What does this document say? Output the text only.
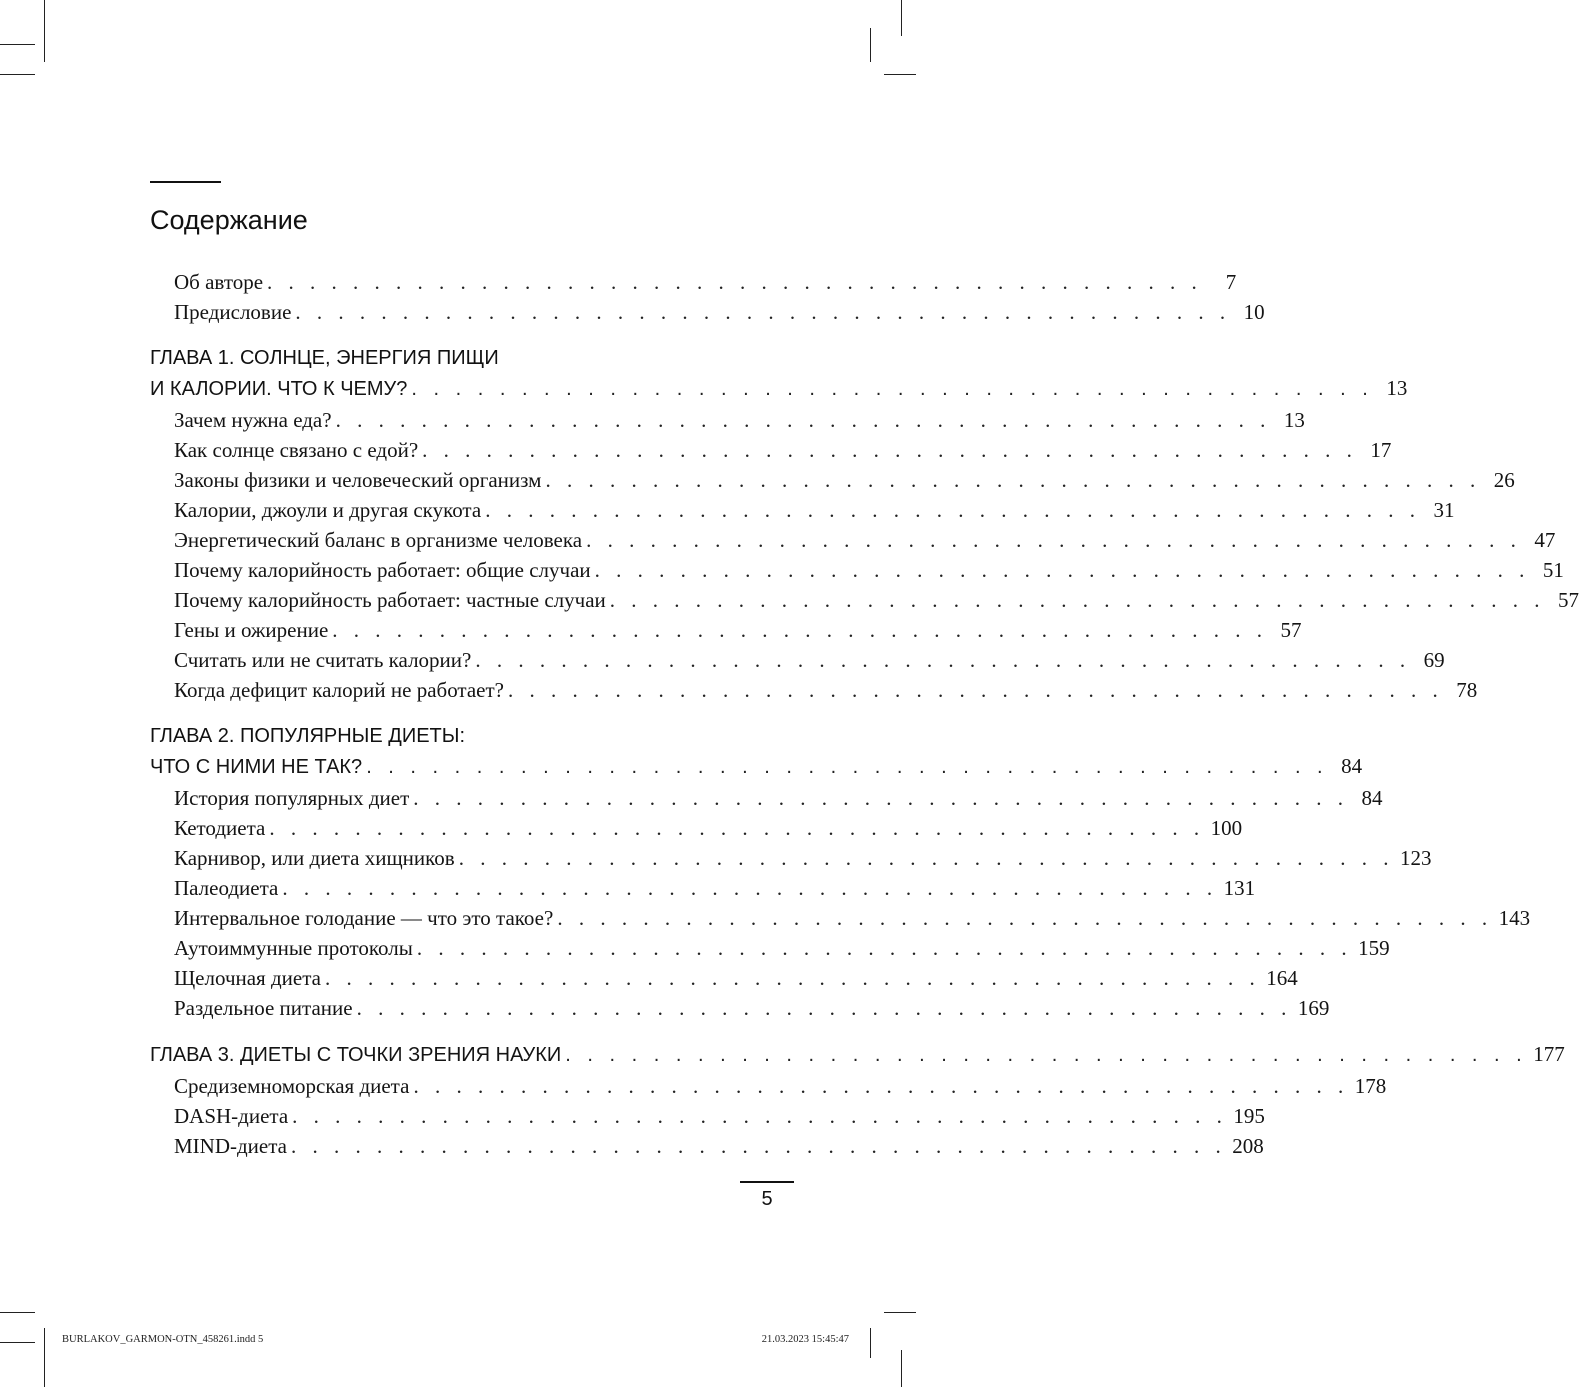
Содержание
Об авторе . . . . . . . . . . . . . . . . . . . . . . . . . . . . . . . . . . . . . . . . . . . .	7
Предисловие . . . . . . . . . . . . . . . . . . . . . . . . . . . . . . . . . . . . . . . . . . . . 10
ГЛАВА 1. СОЛНЦЕ, ЭНЕРГИЯ ПИЩИ
И КАЛОРИИ. ЧТО К ЧЕМУ? . . . . . . . . . . . . . . . . . . . . . . . . . . . . . . . . . . . . . . . . . . . . 13
Зачем нужна еда? . . . . . . . . . . . . . . . . . . . . . . . . . . . . . . . . . . . . . . . . . . . . 13
Как солнце связано с едой? . . . . . . . . . . . . . . . . . . . . . . . . . . . . . . . . . . . . . . . . . . . . 17
Законы физики и человеческий организм . . . . . . . . . . . . . . . . . . . . . . . . . . . . . . . . . . . . . . . . . . . . 26
Калории, джоули и другая скукота . . . . . . . . . . . . . . . . . . . . . . . . . . . . . . . . . . . . . . . . . . . . 31
Энергетический баланс в организме человека . . . . . . . . . . . . . . . . . . . . . . . . . . . . . . . . . . . . . . . . . . . . 47
Почему калорийность работает: общие случаи . . . . . . . . . . . . . . . . . . . . . . . . . . . . . . . . . . . . . . . . . . . . 51
Почему калорийность работает: частные случаи . . . . . . . . . . . . . . . . . . . . . . . . . . . . . . . . . . . . . . . . . . . . 57
Гены и ожирение . . . . . . . . . . . . . . . . . . . . . . . . . . . . . . . . . . . . . . . . . . . . 57
Считать или не считать калории? . . . . . . . . . . . . . . . . . . . . . . . . . . . . . . . . . . . . . . . . . . . . 69
Когда дефицит калорий не работает? . . . . . . . . . . . . . . . . . . . . . . . . . . . . . . . . . . . . . . . . . . . . 78
ГЛАВА 2. ПОПУЛЯРНЫЕ ДИЕТЫ:
ЧТО С НИМИ НЕ ТАК? . . . . . . . . . . . . . . . . . . . . . . . . . . . . . . . . . . . . . . . . . . . . 84
История популярных диет . . . . . . . . . . . . . . . . . . . . . . . . . . . . . . . . . . . . . . . . . . . . 84
Кетодиета . . . . . . . . . . . . . . . . . . . . . . . . . . . . . . . . . . . . . . . . . . . . 100
Карнивор, или диета хищников . . . . . . . . . . . . . . . . . . . . . . . . . . . . . . . . . . . . . . . . . . . . 123
Палеодиета . . . . . . . . . . . . . . . . . . . . . . . . . . . . . . . . . . . . . . . . . . . . 131
Интервальное голодание — что это такое? . . . . . . . . . . . . . . . . . . . . . . . . . . . . . . . . . . . . . . . . . . . . 143
Аутоиммунные протоколы . . . . . . . . . . . . . . . . . . . . . . . . . . . . . . . . . . . . . . . . . . . . 159
Щелочная диета . . . . . . . . . . . . . . . . . . . . . . . . . . . . . . . . . . . . . . . . . . . . 164
Раздельное питание . . . . . . . . . . . . . . . . . . . . . . . . . . . . . . . . . . . . . . . . . . . . 169
ГЛАВА 3. ДИЕТЫ С ТОЧКИ ЗРЕНИЯ НАУКИ . . . . . . . . . . . . . . . . . . . . . . . . . . . . . . . . . . . . . . . . . . . . 177
Средиземноморская диета . . . . . . . . . . . . . . . . . . . . . . . . . . . . . . . . . . . . . . . . . . . . 178
DASH-диета . . . . . . . . . . . . . . . . . . . . . . . . . . . . . . . . . . . . . . . . . . . . 195
MIND-диета . . . . . . . . . . . . . . . . . . . . . . . . . . . . . . . . . . . . . . . . . . . . 208
5
BURLAKOV_GARMON-OTN_458261.indd 5	21.03.2023 15:45:47
